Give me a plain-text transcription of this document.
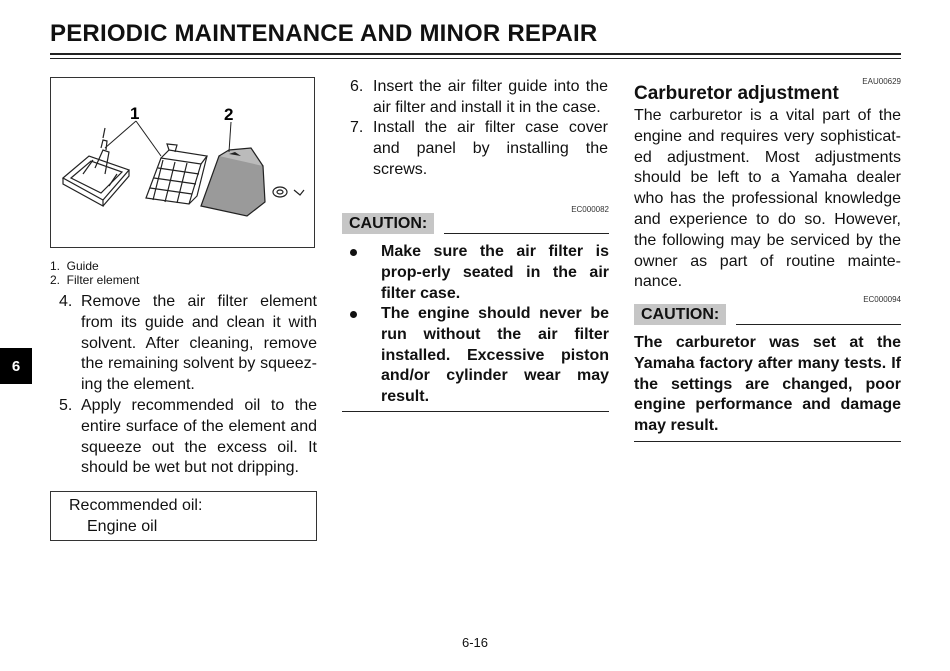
PERIODIC MAINTENANCE AND MINOR REPAIR
6
1	2
1.  Guide
2.  Filter element
4. Remove the air filter element from its guide and clean it with solvent. After cleaning, remove the remaining solvent by squeez-ing the element.
5. Apply recommended oil to the entire surface of the element and squeeze out the excess oil. It should be wet but not dripping.
Recommended oil:
Engine oil
6. Insert the air filter guide into the air filter and install it in the case.
7. Install the air filter case cover and panel by installing the screws.
EC000082
CAUTION:
Make sure the air filter is prop-erly seated in the air filter case.
The engine should never be run without the air filter installed. Excessive piston and/or cylinder wear may result.
EAU00629
Carburetor adjustment
The carburetor is a vital part of the engine and requires very sophisticat-ed adjustment. Most adjustments should be left to a Yamaha dealer who has the professional knowledge and experience to do so. However, the following may be serviced by the owner as part of routine mainte-nance.
EC000094
CAUTION:
The carburetor was set at the Yamaha factory after many tests. If the settings are changed, poor engine performance and damage may result.
6-16
